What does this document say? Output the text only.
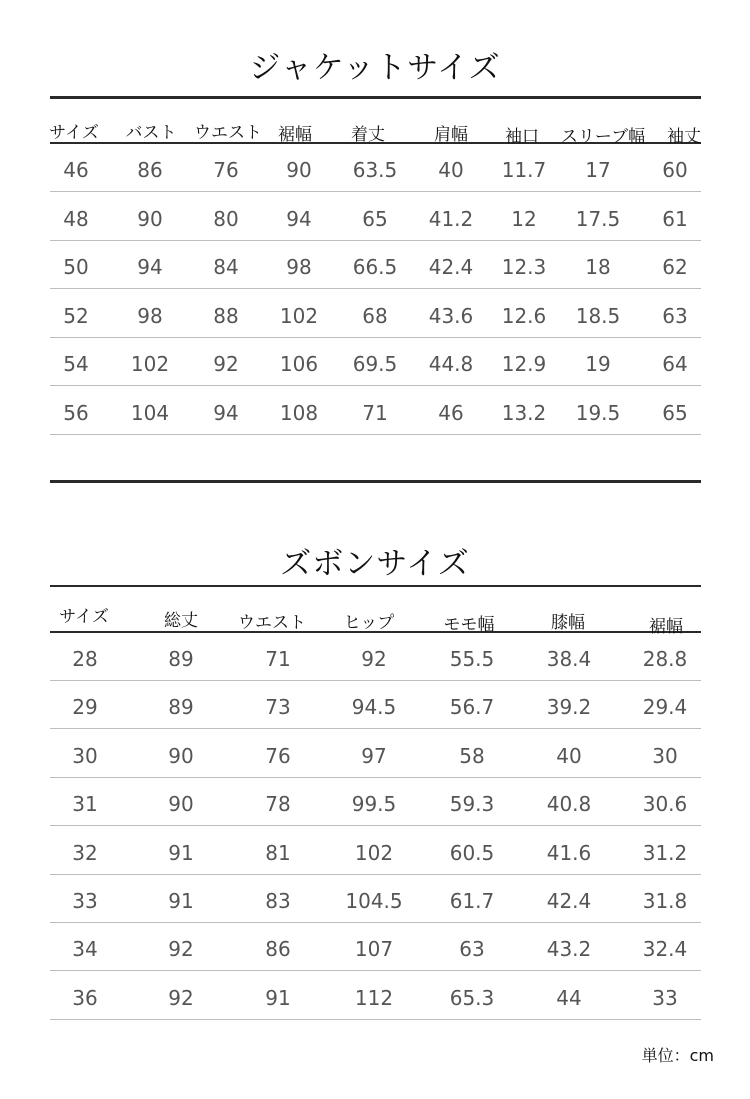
ジャケットサイズ
サイズ バスト ウエスト 裾幅 着丈	肩幅 袖口 スリーブ幅 袖丈
46 86	76 90 63.5 40 11.7 17	60
48 90	80 94	65 41.2 12 17.5 61
50 94	84 98 66.5 42.4 12.3 18	62
52 98	88 102 68 43.6 12.6 18.5 63
54 102 92 106 69.5 44.8 12.9 19	64
56 104 94 108 71	46 13.2 19.5 65
ズボンサイズ
サイズ	総丈 ウエスト ヒップ	モモ幅	膝幅	裾幅
28	89	71	92	55.5	38.4	28.8
29	89	73	94.5	56.7	39.2	29.4
30	90	76	97	58	40	30
31	90	78	99.5	59.3	40.8	30.6
32	91	81	102	60.5	41.6	31.2
33	91	83	104.5 61.7	42.4	31.8
34	92	86	107	63	43.2	32.4
36	92	91	112	65.3	44	33
単位：cm
